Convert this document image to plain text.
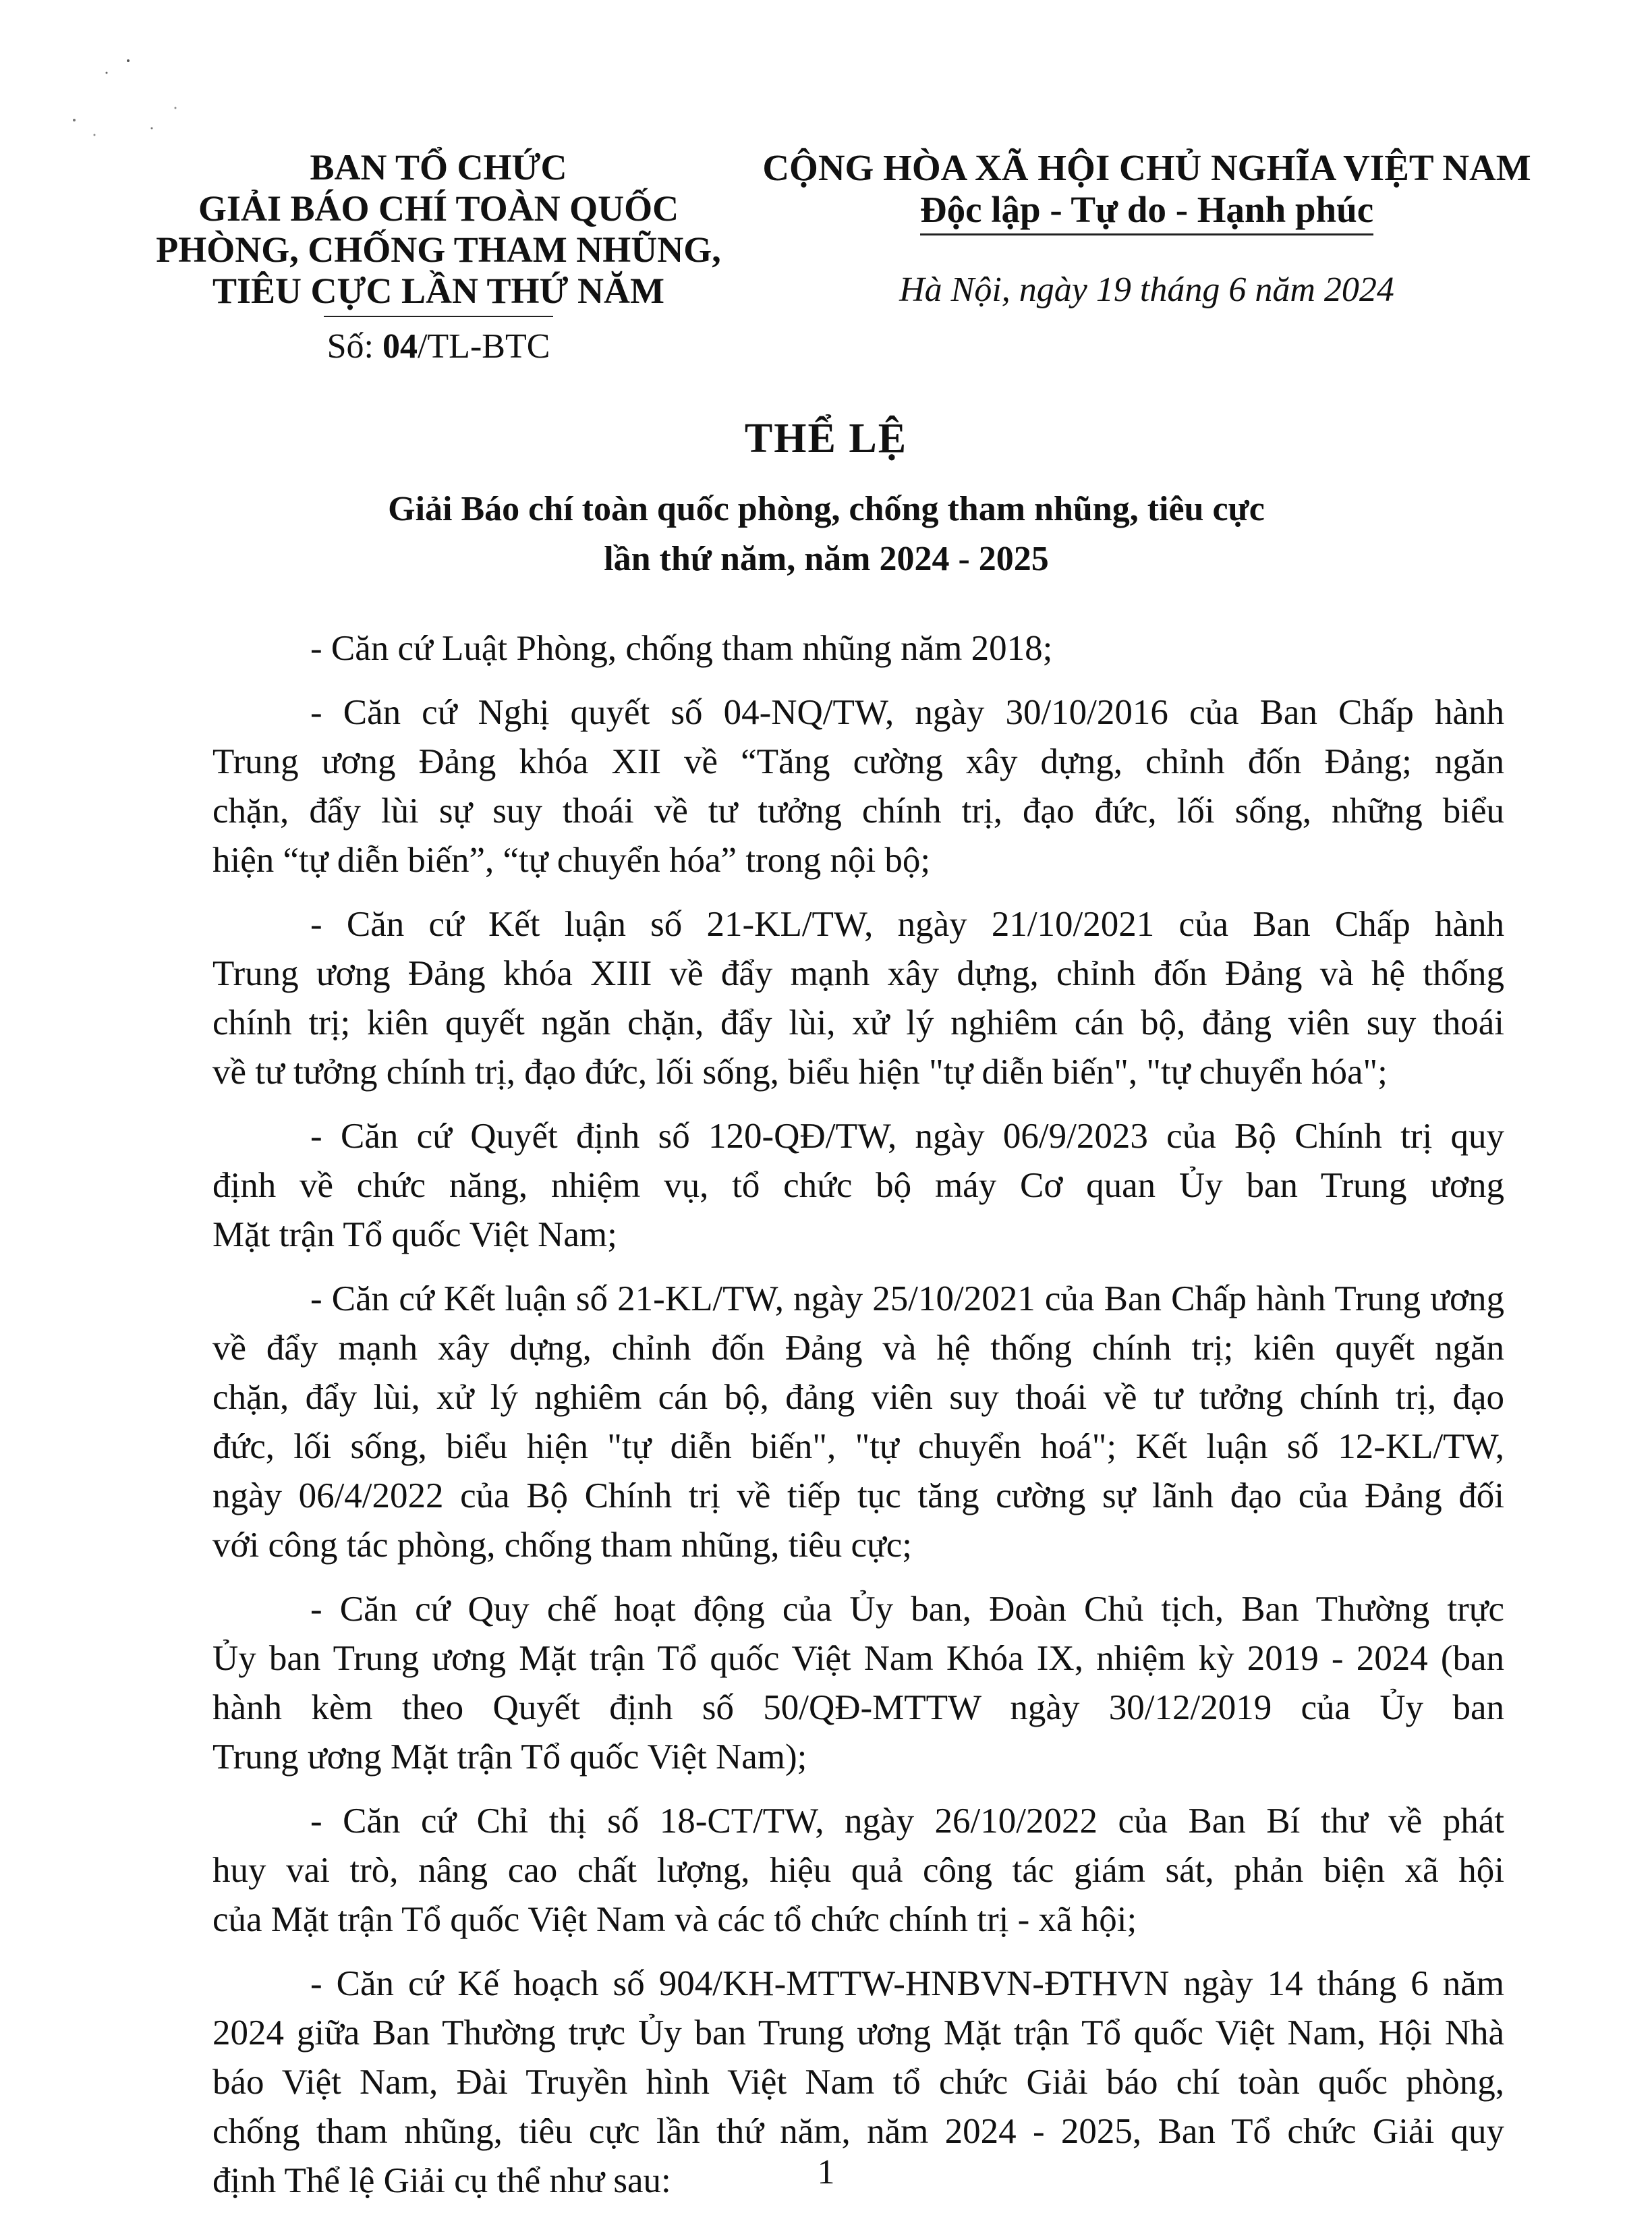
BAN TỔ CHỨC
GIẢI BÁO CHÍ TOÀN QUỐC
PHÒNG, CHỐNG THAM NHŨNG,
TIÊU CỰC LẦN THỨ NĂM
Số: 04/TL-BTC
CỘNG HÒA XÃ HỘI CHỦ NGHĨA VIỆT NAM
Độc lập - Tự do - Hạnh phúc
Hà Nội, ngày 19 tháng 6 năm 2024
THỂ LỆ
Giải Báo chí toàn quốc phòng, chống tham nhũng, tiêu cực
lần thứ năm, năm 2024 - 2025
- Căn cứ Luật Phòng, chống tham nhũng năm 2018;
- Căn cứ Nghị quyết số 04-NQ/TW, ngày 30/10/2016 của Ban Chấp hành
Trung ương Đảng khóa XII về “Tăng cường xây dựng, chỉnh đốn Đảng; ngăn
chặn, đẩy lùi sự suy thoái về tư tưởng chính trị, đạo đức, lối sống, những biểu
hiện “tự diễn biến”, “tự chuyển hóa” trong nội bộ;
- Căn cứ Kết luận số 21-KL/TW, ngày 21/10/2021 của Ban Chấp hành
Trung ương Đảng khóa XIII về đẩy mạnh xây dựng, chỉnh đốn Đảng và hệ thống
chính trị; kiên quyết ngăn chặn, đẩy lùi, xử lý nghiêm cán bộ, đảng viên suy thoái
về tư tưởng chính trị, đạo đức, lối sống, biểu hiện "tự diễn biến", "tự chuyển hóa";
- Căn cứ Quyết định số 120-QĐ/TW, ngày 06/9/2023 của Bộ Chính trị quy
định về chức năng, nhiệm vụ, tổ chức bộ máy Cơ quan Ủy ban Trung ương
Mặt trận Tổ quốc Việt Nam;
- Căn cứ Kết luận số 21-KL/TW, ngày 25/10/2021 của Ban Chấp hành Trung ương
về đẩy mạnh xây dựng, chỉnh đốn Đảng và hệ thống chính trị; kiên quyết ngăn
chặn, đẩy lùi, xử lý nghiêm cán bộ, đảng viên suy thoái về tư tưởng chính trị, đạo
đức, lối sống, biểu hiện "tự diễn biến", "tự chuyển hoá"; Kết luận số 12-KL/TW,
ngày 06/4/2022 của Bộ Chính trị về tiếp tục tăng cường sự lãnh đạo của Đảng đối
với công tác phòng, chống tham nhũng, tiêu cực;
- Căn cứ Quy chế hoạt động của Ủy ban, Đoàn Chủ tịch, Ban Thường trực
Ủy ban Trung ương Mặt trận Tổ quốc Việt Nam Khóa IX, nhiệm kỳ 2019 - 2024 (ban
hành kèm theo Quyết định số 50/QĐ-MTTW ngày 30/12/2019 của Ủy ban
Trung ương Mặt trận Tổ quốc Việt Nam);
- Căn cứ Chỉ thị số 18-CT/TW, ngày 26/10/2022 của Ban Bí thư về phát
huy vai trò, nâng cao chất lượng, hiệu quả công tác giám sát, phản biện xã hội
của Mặt trận Tổ quốc Việt Nam và các tổ chức chính trị - xã hội;
- Căn cứ Kế hoạch số 904/KH-MTTW-HNBVN-ĐTHVN ngày 14 tháng 6 năm
2024 giữa Ban Thường trực Ủy ban Trung ương Mặt trận Tổ quốc Việt Nam, Hội Nhà
báo Việt Nam, Đài Truyền hình Việt Nam tổ chức Giải báo chí toàn quốc phòng,
chống tham nhũng, tiêu cực lần thứ năm, năm 2024 - 2025, Ban Tổ chức Giải quy
định Thể lệ Giải cụ thể như sau:	1
